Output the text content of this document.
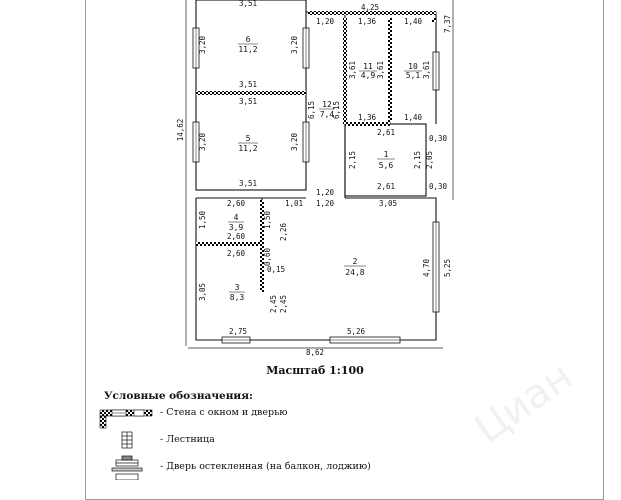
6
11,2
5
11,2
4
3,9
3
8,3
2
24,8
1
5,6
10
5,1
11
4,9
12
7,4
3,51
3,20	3,20
3,51
3,51
3,20	3,20
3,51
14,62
4,25
1,20	1,36	1,40	7,37
3,61	3,61	3,61
6,15 6,15 1,36	1,40
2,61
0,30
2,15	2,15 2,05
2,61	0,30
1,20
1,20
2,60	1,01
1,50	1,50
2,26
2,60
2,60 0,60
0,15
3,05
2,45 2,45
2,75
3,05
4,70 5,25
5,26
8,62
Масштаб 1:100
Условные обозначения:
- Стена с окном и дверью
- Лестница
- Дверь остекленная (на балкон, лоджию)
Циан
